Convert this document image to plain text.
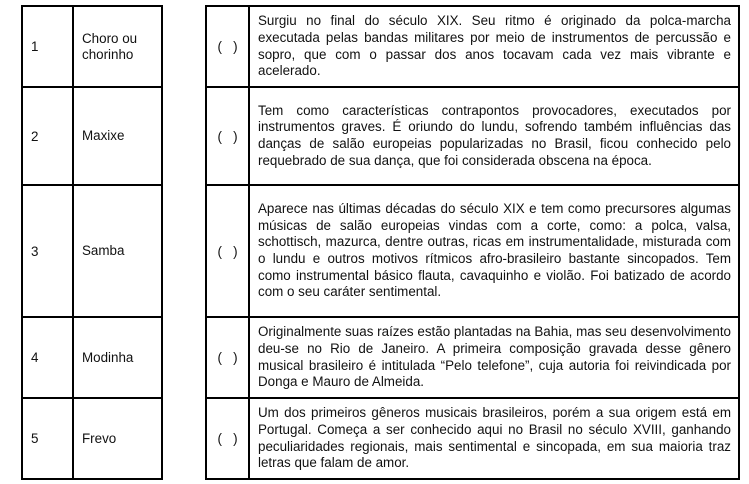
1	Choro ou chorinho
2	Maxixe
3	Samba
4	Modinha
5	Frevo
(   )	Surgiu no final do século XIX. Seu ritmo é originado da polca-marcha executada pelas bandas militares por meio de instrumentos de percussão e sopro, que com o passar dos anos tocavam cada vez mais vibrante e acelerado.
(   )	Tem como características contrapontos provocadores, executados por instrumentos graves. É oriundo do lundu, sofrendo também influências das danças de salão europeias popularizadas no Brasil, ficou conhecido pelo requebrado de sua dança, que foi considerada obscena na época.
(   )	Aparece nas últimas décadas do século XIX e tem como precursores algumas músicas de salão europeias vindas com a corte, como: a polca, valsa, schottisch, mazurca, dentre outras, ricas em instrumentalidade, misturada com o lundu e outros motivos rítmicos afro-brasileiro bastante sincopados. Tem como instrumental básico flauta, cavaquinho e violão. Foi batizado de acordo com o seu caráter sentimental.
(   )	Originalmente suas raízes estão plantadas na Bahia, mas seu desenvolvimento deu-se no Rio de Janeiro. A primeira composição gravada desse gênero musical brasileiro é intitulada “Pelo telefone”, cuja autoria foi reivindicada por Donga e Mauro de Almeida.
(   )	Um dos primeiros gêneros musicais brasileiros, porém a sua origem está em Portugal. Começa a ser conhecido aqui no Brasil no século XVIII, ganhando peculiaridades regionais, mais sentimental e sincopada, em sua maioria traz letras que falam de amor.
